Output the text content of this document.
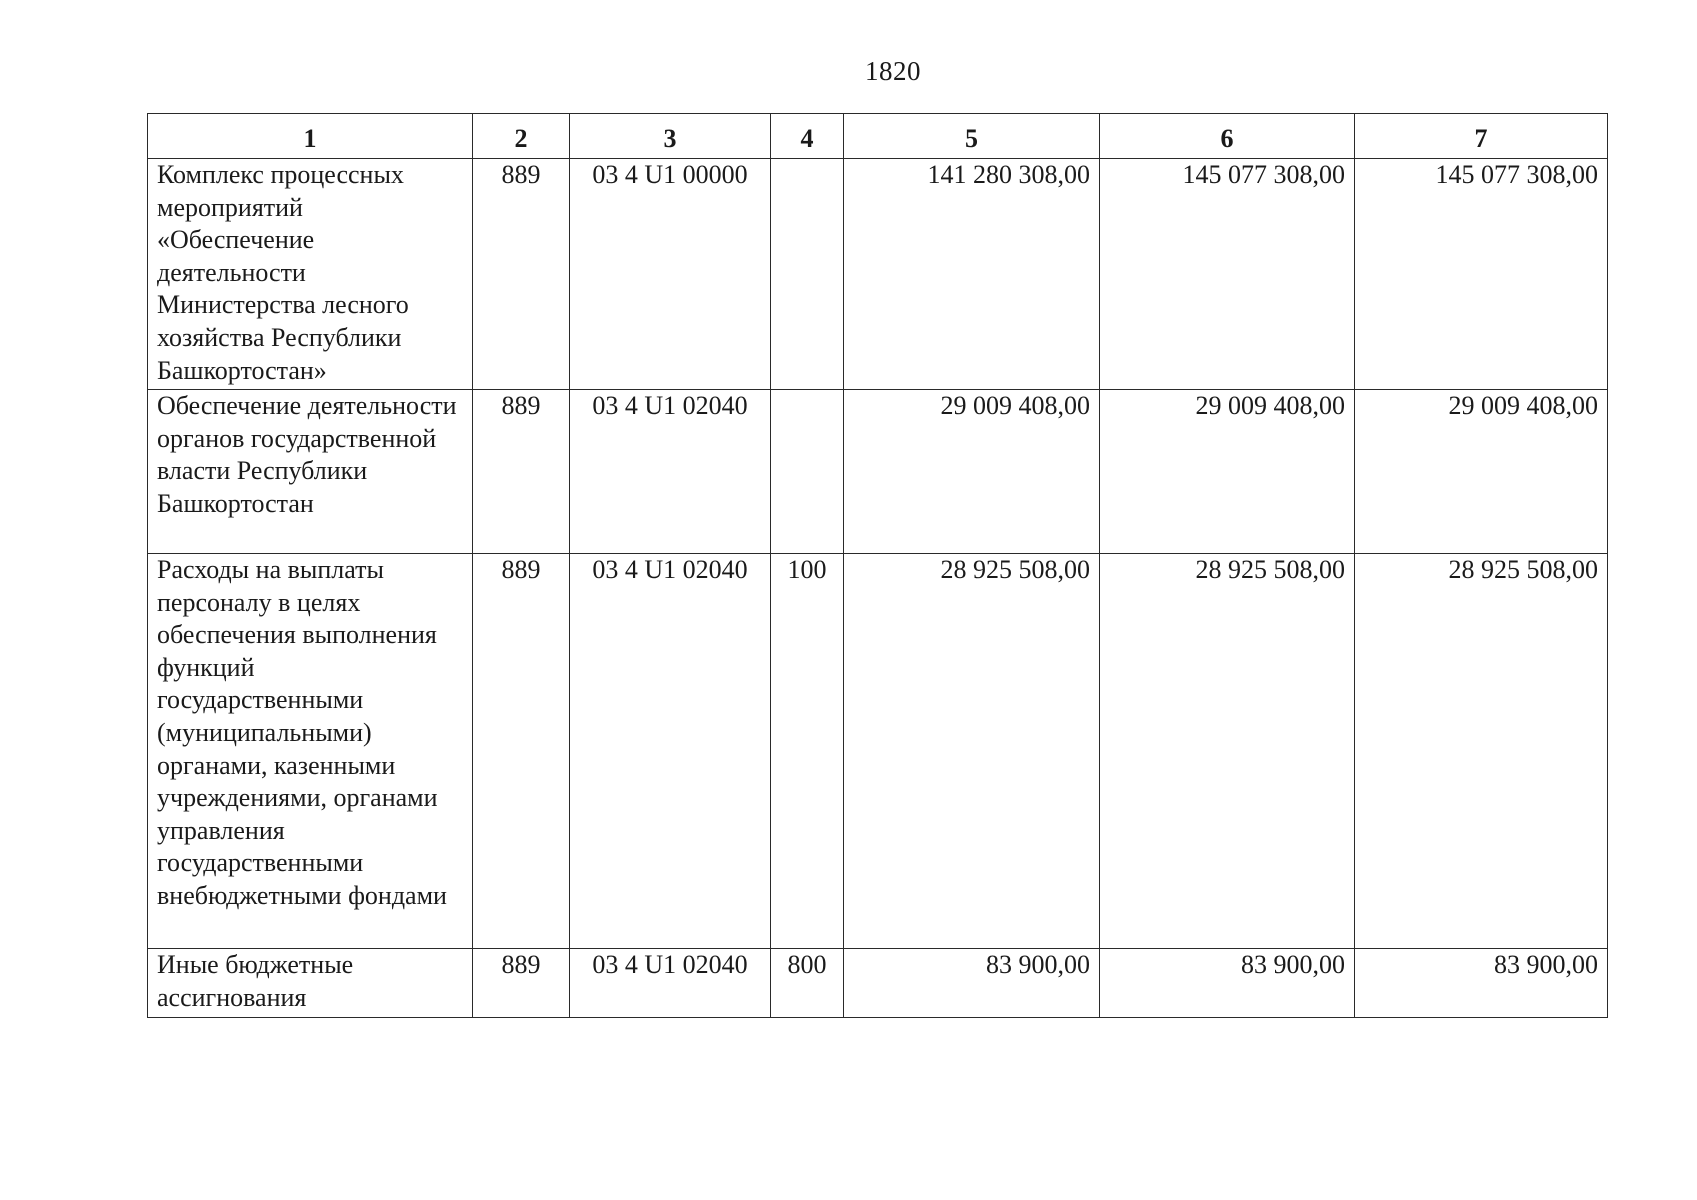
1820
1	2	3	4	5	6	7
Комплекс процессных мероприятий «Обеспечение деятельности Министерства лесного хозяйства Республики Башкортостан»	889	03 4 U1 00000		141 280 308,00	145 077 308,00	145 077 308,00
Обеспечение деятельности органов государственной власти Республики Башкортостан	889	03 4 U1 02040		29 009 408,00	29 009 408,00	29 009 408,00
Расходы на выплаты персоналу в целях обеспечения выполнения функций государственными (муниципальными) органами, казенными учреждениями, органами управления государственными внебюджетными фондами	889	03 4 U1 02040	100	28 925 508,00	28 925 508,00	28 925 508,00
Иные бюджетные ассигнования	889	03 4 U1 02040	800	83 900,00	83 900,00	83 900,00
